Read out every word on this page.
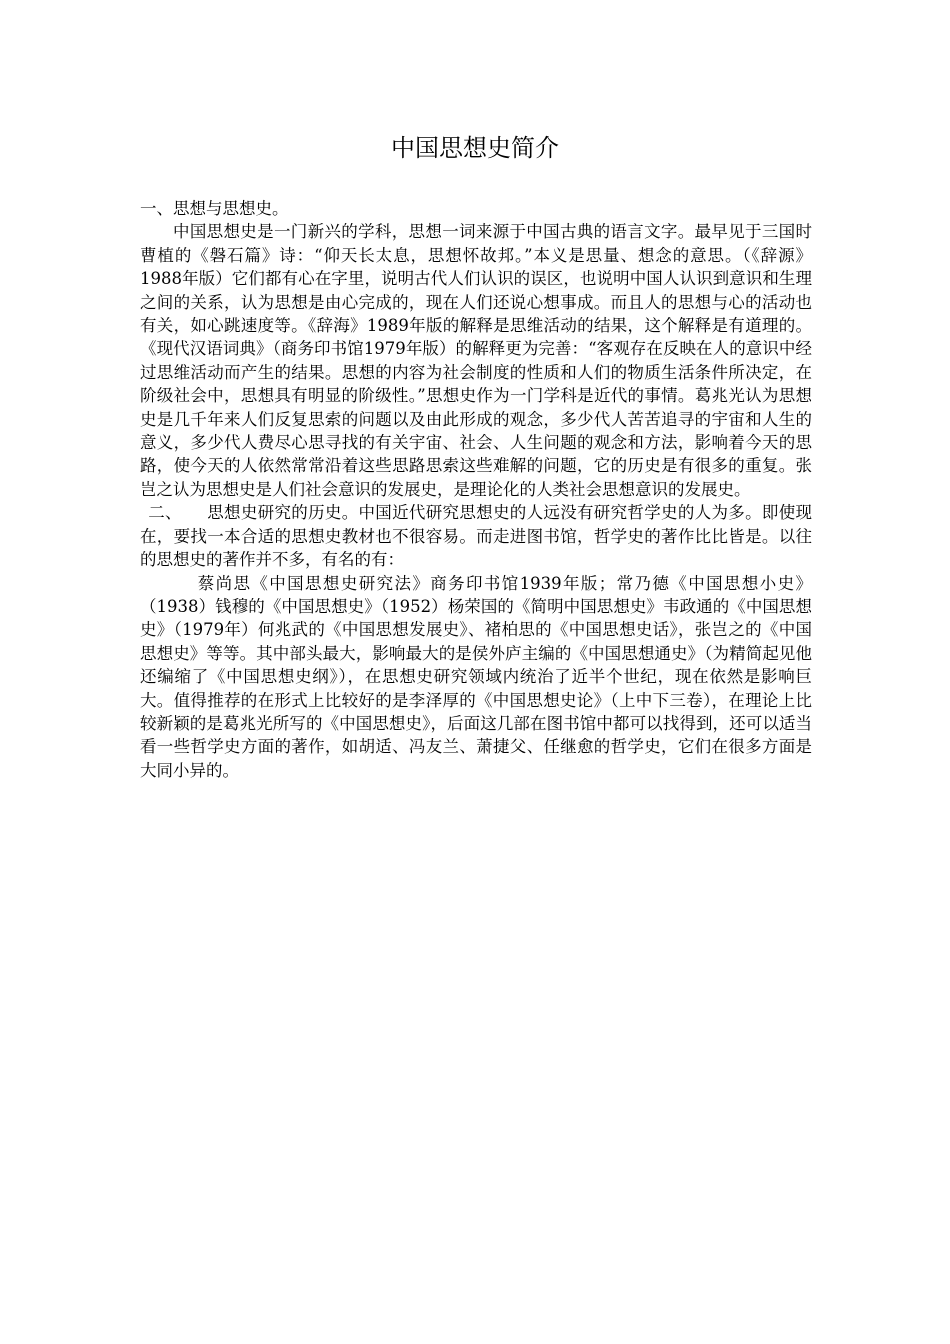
中国思想史简介

一、思想与思想史。

中国思想史是一门新兴的学科，思想一词来源于中国古典的语言文字。最早见于三国时曹植的《磐石篇》诗：“仰天长太息，思想怀故邦。”本义是思量、想念的意思。（《辞源》1988年版）它们都有心在字里，说明古代人们认识的误区，也说明中国人认识到意识和生理之间的关系，认为思想是由心完成的，现在人们还说心想事成。而且人的思想与心的活动也有关，如心跳速度等。《辞海》1989年版的解释是思维活动的结果，这个解释是有道理的。《现代汉语词典》（商务印书馆1979年版）的解释更为完善：“客观存在反映在人的意识中经过思维活动而产生的结果。思想的内容为社会制度的性质和人们的物质生活条件所决定，在阶级社会中，思想具有明显的阶级性。”思想史作为一门学科是近代的事情。葛兆光认为思想史是几千年来人们反复思索的问题以及由此形成的观念，多少代人苦苦追寻的宇宙和人生的意义，多少代人费尽心思寻找的有关宇宙、社会、人生问题的观念和方法，影响着今天的思路，使今天的人依然常常沿着这些思路思索这些难解的问题，它的历史是有很多的重复。张岂之认为思想史是人们社会意识的发展史，是理论化的人类社会思想意识的发展史。

二、　　思想史研究的历史。中国近代研究思想史的人远没有研究哲学史的人为多。即使现在，要找一本合适的思想史教材也不很容易。而走进图书馆，哲学史的著作比比皆是。以往的思想史的著作并不多，有名的有：

蔡尚思《中国思想史研究法》商务印书馆1939年版；常乃德《中国思想小史》（1938）钱穆的《中国思想史》（1952）杨荣国的《简明中国思想史》韦政通的《中国思想史》（1979年）何兆武的《中国思想发展史》、褚柏思的《中国思想史话》，张岂之的《中国思想史》等等。其中部头最大，影响最大的是侯外庐主编的《中国思想通史》（为精简起见他还编缩了《中国思想史纲》），在思想史研究领域内统治了近半个世纪，现在依然是影响巨大。值得推荐的在形式上比较好的是李泽厚的《中国思想史论》（上中下三卷），在理论上比较新颖的是葛兆光所写的《中国思想史》，后面这几部在图书馆中都可以找得到，还可以适当看一些哲学史方面的著作，如胡适、冯友兰、萧捷父、任继愈的哲学史，它们在很多方面是大同小异的。
